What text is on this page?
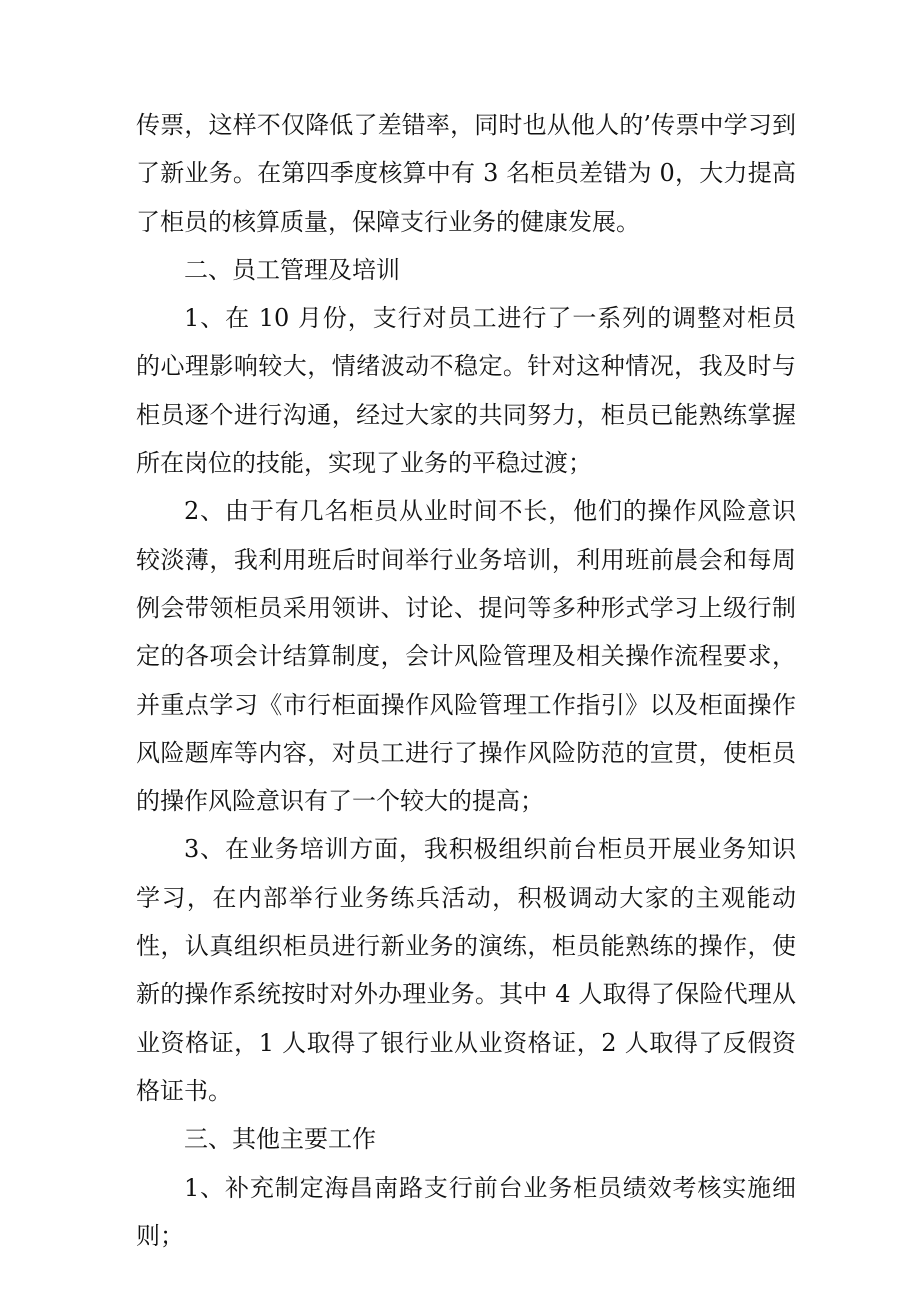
传票，这样不仅降低了差错率，同时也从他人的’传票中学习到了新业务。在第四季度核算中有 3 名柜员差错为 0，大力提高了柜员的核算质量，保障支行业务的健康发展。

二、员工管理及培训

1、在 10 月份，支行对员工进行了一系列的调整对柜员的心理影响较大，情绪波动不稳定。针对这种情况，我及时与柜员逐个进行沟通，经过大家的共同努力，柜员已能熟练掌握所在岗位的技能，实现了业务的平稳过渡；

2、由于有几名柜员从业时间不长，他们的操作风险意识较淡薄，我利用班后时间举行业务培训，利用班前晨会和每周例会带领柜员采用领讲、讨论、提问等多种形式学习上级行制定的各项会计结算制度，会计风险管理及相关操作流程要求，并重点学习《市行柜面操作风险管理工作指引》以及柜面操作风险题库等内容，对员工进行了操作风险防范的宣贯，使柜员的操作风险意识有了一个较大的提高；

3、在业务培训方面，我积极组织前台柜员开展业务知识学习，在内部举行业务练兵活动，积极调动大家的主观能动性，认真组织柜员进行新业务的演练，柜员能熟练的操作，使新的操作系统按时对外办理业务。其中 4 人取得了保险代理从业资格证，1 人取得了银行业从业资格证，2 人取得了反假资格证书。

三、其他主要工作

1、补充制定海昌南路支行前台业务柜员绩效考核实施细则；
